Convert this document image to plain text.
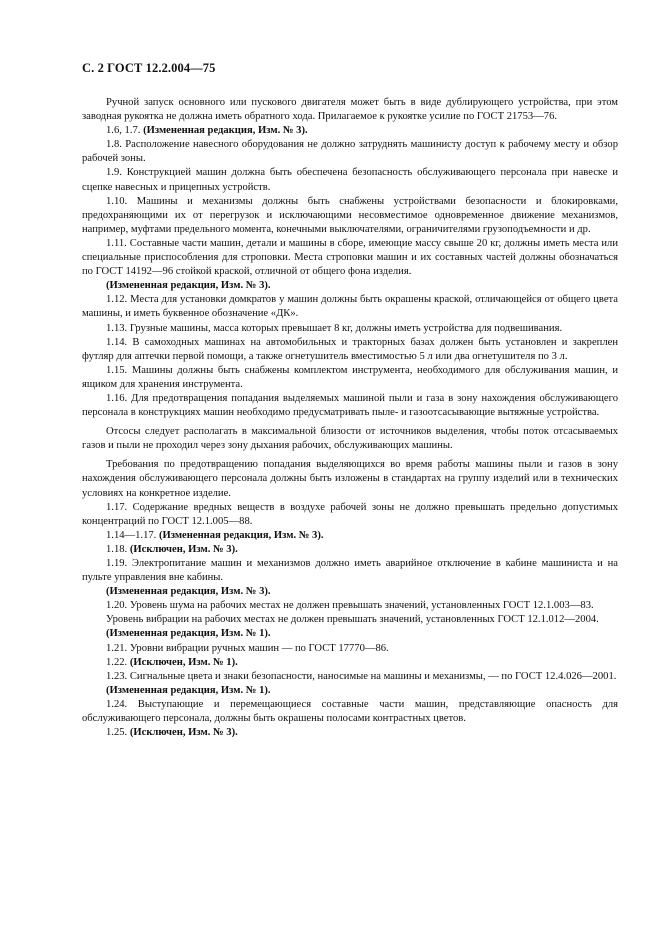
С. 2 ГОСТ 12.2.004—75

Ручной запуск основного или пускового двигателя может быть в виде дублирующего устройства, при этом заводная рукоятка не должна иметь обратного хода. Прилагаемое к рукоятке усилие по ГОСТ 21753—76.

1.6, 1.7. (Измененная редакция, Изм. № 3).

1.8. Расположение навесного оборудования не должно затруднять машинисту доступ к рабочему месту и обзор рабочей зоны.

1.9. Конструкцией машин должна быть обеспечена безопасность обслуживающего персонала при навеске и сцепке навесных и прицепных устройств.

1.10. Машины и механизмы должны быть снабжены устройствами безопасности и блокировками, предохраняющими их от перегрузок и исключающими несовместимое одновременное движение механизмов, например, муфтами предельного момента, конечными выключателями, ограничителями грузоподъемности и др.

1.11. Составные части машин, детали и машины в сборе, имеющие массу свыше 20 кг, должны иметь места или специальные приспособления для строповки. Места строповки машин и их составных частей должны обозначаться по ГОСТ 14192—96 стойкой краской, отличной от общего фона изделия.

(Измененная редакция, Изм. № 3).

1.12. Места для установки домкратов у машин должны быть окрашены краской, отличающейся от общего цвета машины, и иметь буквенное обозначение «ДК».

1.13. Грузные машины, масса которых превышает 8 кг, должны иметь устройства для подвешивания.

1.14. В самоходных машинах на автомобильных и тракторных базах должен быть установлен и закреплен футляр для аптечки первой помощи, а также огнетушитель вместимостью 5 л или два огнетушителя по 3 л.

1.15. Машины должны быть снабжены комплектом инструмента, необходимого для обслуживания машин, и ящиком для хранения инструмента.

1.16. Для предотвращения попадания выделяемых машиной пыли и газа в зону нахождения обслуживающего персонала в конструкциях машин необходимо предусматривать пыле- и газоотсасывающие вытяжные устройства.

Отсосы следует располагать в максимальной близости от источников выделения, чтобы поток отсасываемых газов и пыли не проходил через зону дыхания рабочих, обслуживающих машины.

Требования по предотвращению попадания выделяющихся во время работы машины пыли и газов в зону нахождения обслуживающего персонала должны быть изложены в стандартах на группу изделий или в технических условиях на конкретное изделие.

1.17. Содержание вредных веществ в воздухе рабочей зоны не должно превышать предельно допустимых концентраций по ГОСТ 12.1.005—88.

1.14—1.17. (Измененная редакция, Изм. № 3).

1.18. (Исключен, Изм. № 3).

1.19. Электропитание машин и механизмов должно иметь аварийное отключение в кабине машиниста и на пульте управления вне кабины.

(Измененная редакция, Изм. № 3).

1.20. Уровень шума на рабочих местах не должен превышать значений, установленных ГОСТ 12.1.003—83.

Уровень вибрации на рабочих местах не должен превышать значений, установленных ГОСТ 12.1.012—2004.

(Измененная редакция, Изм. № 1).

1.21. Уровни вибрации ручных машин — по ГОСТ 17770—86.

1.22. (Исключен, Изм. № 1).

1.23. Сигнальные цвета и знаки безопасности, наносимые на машины и механизмы, — по ГОСТ 12.4.026—2001.

(Измененная редакция, Изм. № 1).

1.24. Выступающие и перемещающиеся составные части машин, представляющие опасность для обслуживающего персонала, должны быть окрашены полосами контрастных цветов.

1.25. (Исключен, Изм. № 3).
